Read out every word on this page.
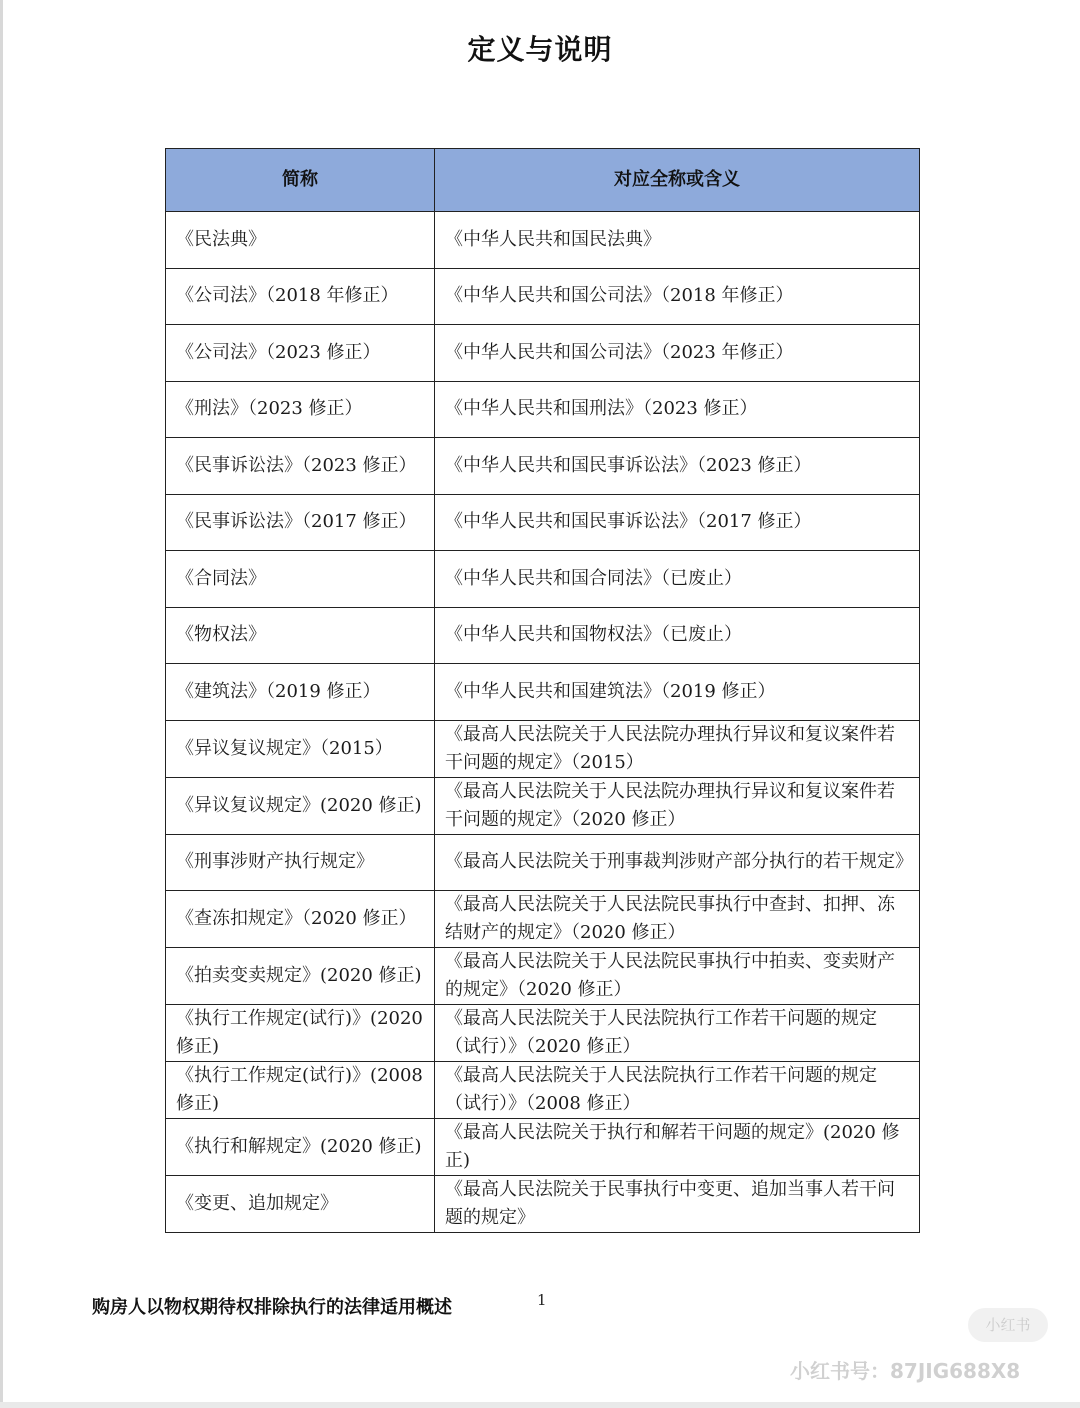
定义与说明
简称	对应全称或含义
《民法典》	《中华人民共和国民法典》
《公司法》（2018 年修正）	《中华人民共和国公司法》（2018 年修正）
《公司法》（2023 修正）	《中华人民共和国公司法》（2023 年修正）
《刑法》（2023 修正）	《中华人民共和国刑法》（2023 修正）
《民事诉讼法》（2023 修正）	《中华人民共和国民事诉讼法》（2023 修正）
《民事诉讼法》（2017 修正）	《中华人民共和国民事诉讼法》（2017 修正）
《合同法》	《中华人民共和国合同法》（已废止）
《物权法》	《中华人民共和国物权法》（已废止）
《建筑法》（2019 修正）	《中华人民共和国建筑法》（2019 修正）
《异议复议规定》（2015）	《最高人民法院关于人民法院办理执行异议和复议案件若干问题的规定》（2015）
《异议复议规定》(2020 修正)	《最高人民法院关于人民法院办理执行异议和复议案件若干问题的规定》（2020 修正）
《刑事涉财产执行规定》	《最高人民法院关于刑事裁判涉财产部分执行的若干规定》
《查冻扣规定》（2020 修正）	《最高人民法院关于人民法院民事执行中查封、扣押、冻结财产的规定》（2020 修正）
《拍卖变卖规定》(2020 修正)	《最高人民法院关于人民法院民事执行中拍卖、变卖财产的规定》（2020 修正）
《执行工作规定(试行)》(2020 修正)	《最高人民法院关于人民法院执行工作若干问题的规定（试行）》（2020 修正）
《执行工作规定(试行)》(2008 修正)	《最高人民法院关于人民法院执行工作若干问题的规定（试行）》（2008 修正）
《执行和解规定》(2020 修正)	《最高人民法院关于执行和解若干问题的规定》(2020 修正)
《变更、追加规定》	《最高人民法院关于民事执行中变更、追加当事人若干问题的规定》
购房人以物权期待权排除执行的法律适用概述	1
小红书
小红书号：87JIG688X8
